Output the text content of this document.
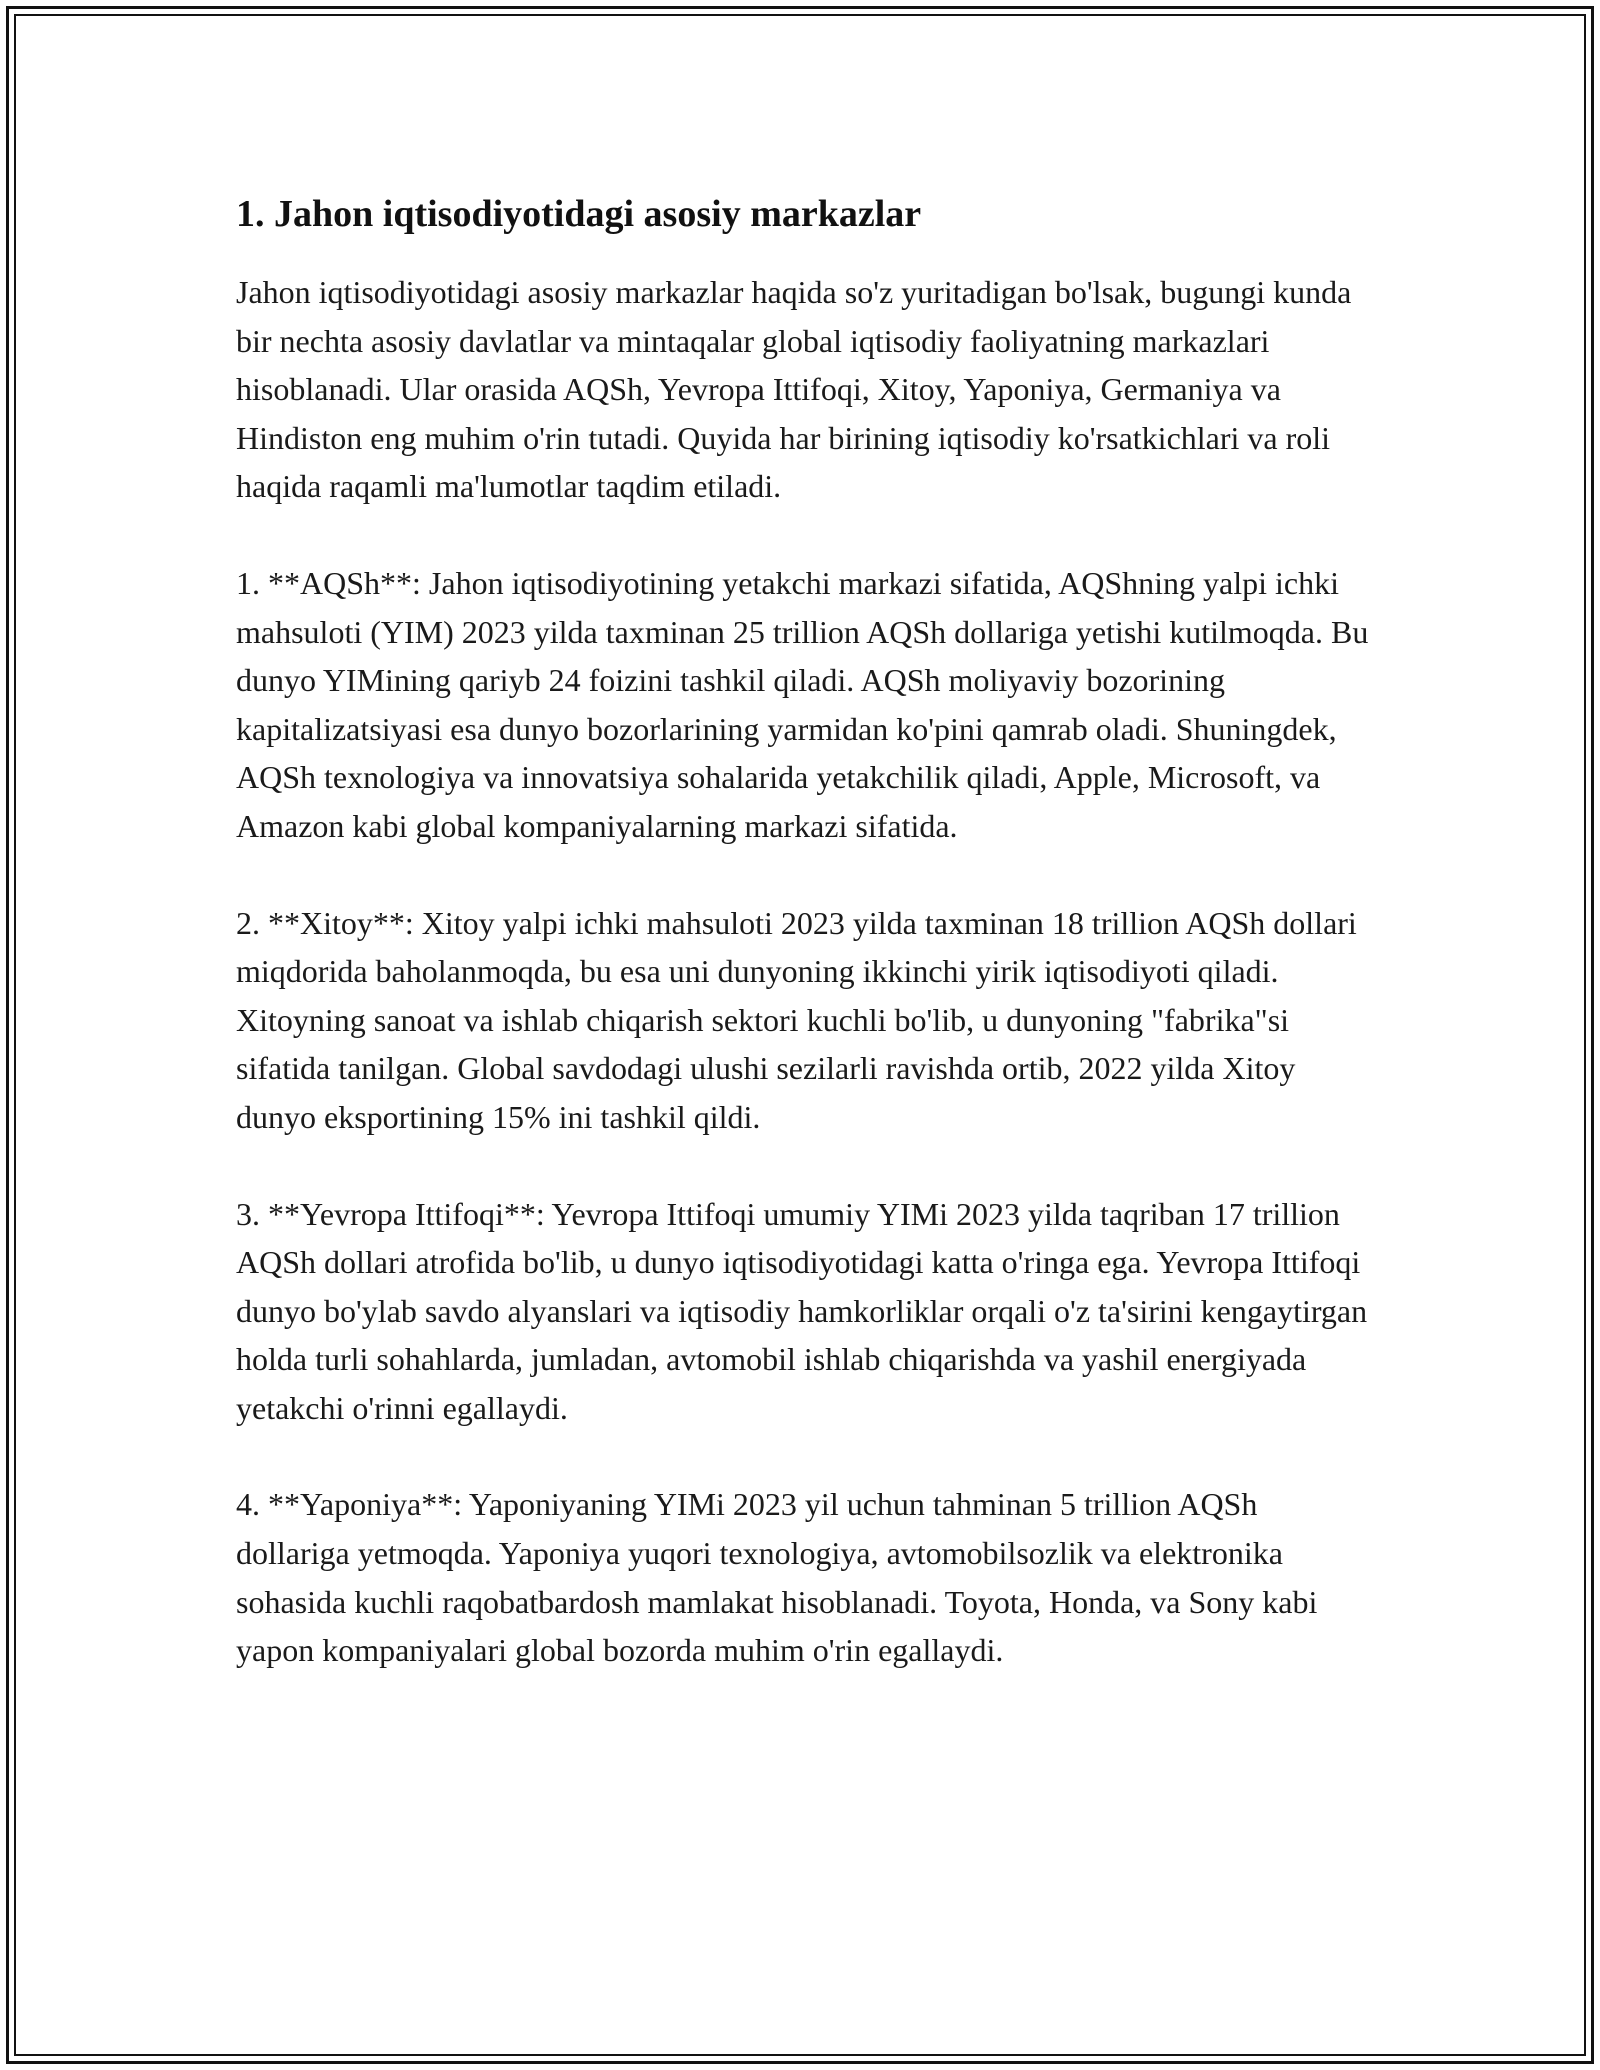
1. Jahon iqtisodiyotidagi asosiy markazlar

Jahon iqtisodiyotidagi asosiy markazlar haqida so'z yuritadigan bo'lsak, bugungi kunda bir nechta asosiy davlatlar va mintaqalar global iqtisodiy faoliyatning markazlari hisoblanadi. Ular orasida AQSh, Yevropa Ittifoqi, Xitoy, Yaponiya, Germaniya va Hindiston eng muhim o'rin tutadi. Quyida har birining iqtisodiy ko'rsatkichlari va roli haqida raqamli ma'lumotlar taqdim etiladi.

1. **AQSh**: Jahon iqtisodiyotining yetakchi markazi sifatida, AQShning yalpi ichki mahsuloti (YIM) 2023 yilda taxminan 25 trillion AQSh dollariga yetishi kutilmoqda. Bu dunyo YIMining qariyb 24 foizini tashkil qiladi. AQSh moliyaviy bozorining kapitalizatsiyasi esa dunyo bozorlarining yarmidan ko'pini qamrab oladi. Shuningdek, AQSh texnologiya va innovatsiya sohalarida yetakchilik qiladi, Apple, Microsoft, va Amazon kabi global kompaniyalarning markazi sifatida.

2. **Xitoy**: Xitoy yalpi ichki mahsuloti 2023 yilda taxminan 18 trillion AQSh dollari miqdorida baholanmoqda, bu esa uni dunyoning ikkinchi yirik iqtisodiyoti qiladi. Xitoyning sanoat va ishlab chiqarish sektori kuchli bo'lib, u dunyoning "fabrika"si sifatida tanilgan. Global savdodagi ulushi sezilarli ravishda ortib, 2022 yilda Xitoy dunyo eksportining 15% ini tashkil qildi.

3. **Yevropa Ittifoqi**: Yevropa Ittifoqi umumiy YIMi 2023 yilda taqriban 17 trillion AQSh dollari atrofida bo'lib, u dunyo iqtisodiyotidagi katta o'ringa ega. Yevropa Ittifoqi dunyo bo'ylab savdo alyanslari va iqtisodiy hamkorliklar orqali o'z ta'sirini kengaytirgan holda turli sohahlarda, jumladan, avtomobil ishlab chiqarishda va yashil energiyada yetakchi o'rinni egallaydi.

4. **Yaponiya**: Yaponiyaning YIMi 2023 yil uchun tahminan 5 trillion AQSh dollariga yetmoqda. Yaponiya yuqori texnologiya, avtomobilsozlik va elektronika sohasida kuchli raqobatbardosh mamlakat hisoblanadi. Toyota, Honda, va Sony kabi yapon kompaniyalari global bozorda muhim o'rin egallaydi.
